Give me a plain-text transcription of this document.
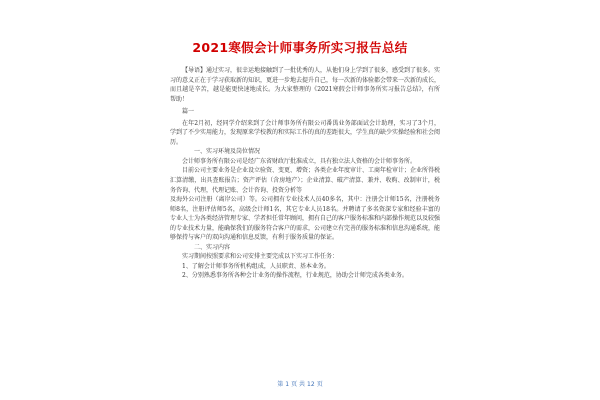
2021寒假会计师事务所实习报告总结

【导语】通过实习，很幸运地接触到了一批优秀的人，从他们身上学到了很多，感受到了很多。实习的意义正在于学习获取新的知识，更进一步地去提升自己，每一次新的体验都会带来一次新的成长，而且越是辛苦，越是能更快速地成长。为大家整理的《2021寒假会计师事务所实习报告总结》，有所帮助！

篇一

在年2月初，经同学介绍来到了会计师事务所有限公司番禺业务部面试会计助理，实习了3个月，学到了不少实用能力，发现原来学校教的和实际工作的真的差距很大，学生真的缺少实操经验和社会阅历。

一、实习环境及岗位情况

会计师事务所有限公司是经广东省财政厅批准成立，具有独立法人资格的会计师事务所。

目前公司主要业务是企业设立验资、变更、增资；各类企业年度审计、工商年检审计；企业所得税汇算清缴，出具查账报告；资产评估（含房地产）；企业清算、破产清算、兼并、收购、改制审计，税务咨询、代理，代理记账、会计咨询、投资分析等

及海外公司注册（离岸公司）等。公司拥有专业技术人员40多名，其中：注册会计师15名，注册税务师8名，注册评估师5名，高级会计师1名，其它专业人员18名。并聘请了多名资深专家和经验丰富的专业人士为各类经济管理专家、学者担任常年顾问，拥有自己的客户服务标准和内部操作规范以及较强的专业技术力量，能确保我们的服务符合客户的需求，公司建立有完善的服务标准和信息沟通系统，能够保持与客户的双向沟通和信息反馈，有利于服务质量的保证。

二、实习内容

实习期间按照要求和公司安排主要完成以下实习工作任务：

1、了解会计师事务所机构组成，人员职责、基本业务。

2、分别熟悉事务所各种会计业务的操作流程，行业规范，协助会计师完成各类业务。

第 1 页 共 12 页
